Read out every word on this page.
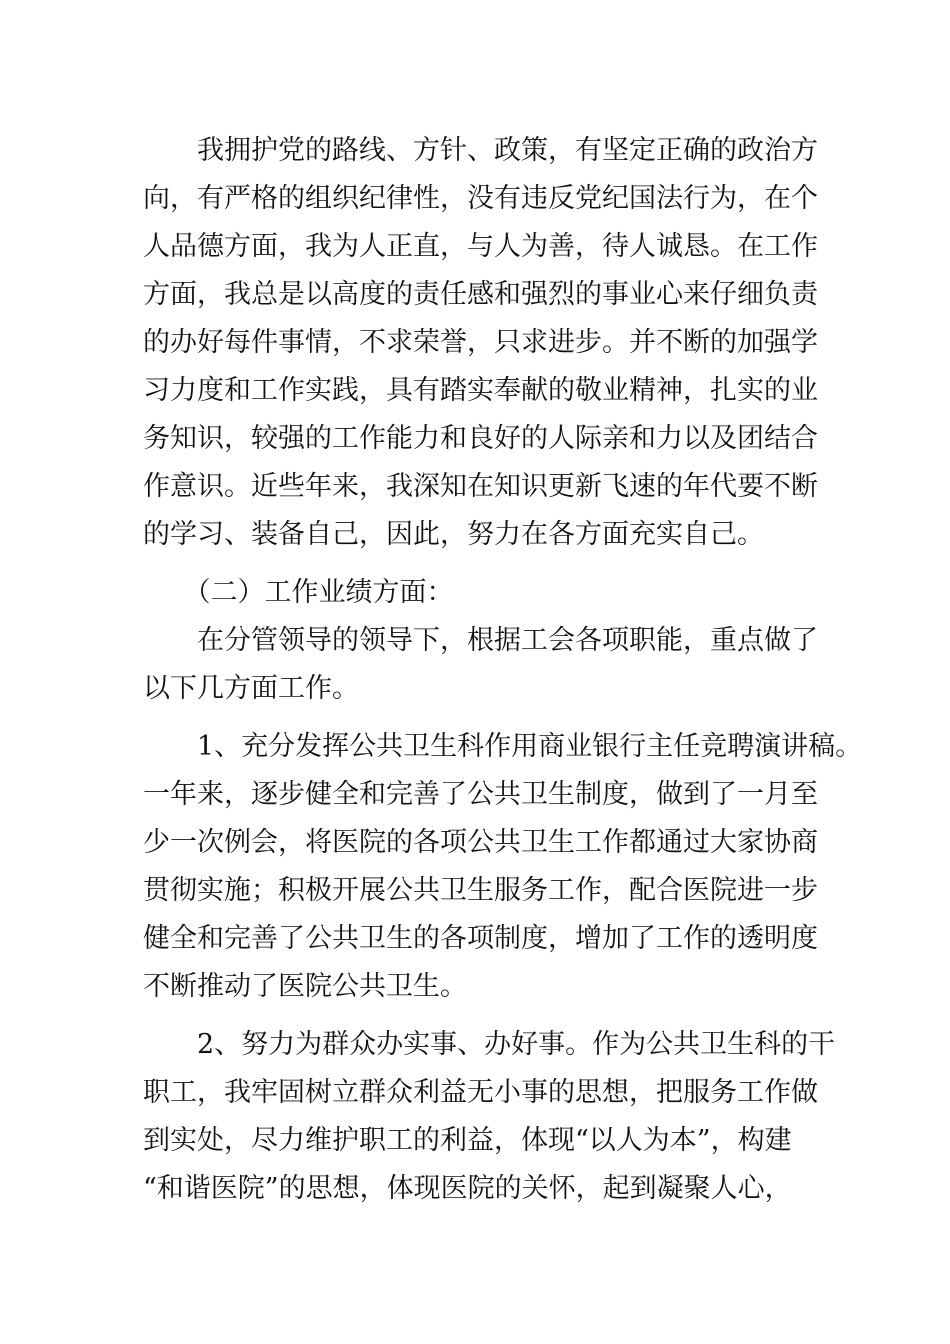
　　我拥护党的路线、方针、政策，有坚定正确的政治方
向，有严格的组织纪律性，没有违反党纪国法行为，在个
人品德方面，我为人正直，与人为善，待人诚恳。在工作
方面，我总是以高度的责任感和强烈的事业心来仔细负责
的办好每件事情，不求荣誉，只求进步。并不断的加强学
习力度和工作实践，具有踏实奉献的敬业精神，扎实的业
务知识，较强的工作能力和良好的人际亲和力以及团结合
作意识。近些年来，我深知在知识更新飞速的年代要不断
的学习、装备自己，因此，努力在各方面充实自己。
　　（二）工作业绩方面：
　　在分管领导的领导下，根据工会各项职能，重点做了
以下几方面工作。
　　1、充分发挥公共卫生科作用商业银行主任竞聘演讲稿。
一年来，逐步健全和完善了公共卫生制度，做到了一月至
少一次例会，将医院的各项公共卫生工作都通过大家协商
贯彻实施；积极开展公共卫生服务工作，配合医院进一步
健全和完善了公共卫生的各项制度，增加了工作的透明度
不断推动了医院公共卫生。
　　2、努力为群众办实事、办好事。作为公共卫生科的干
职工，我牢固树立群众利益无小事的思想，把服务工作做
到实处，尽力维护职工的利益，体现“以人为本”，构建
“和谐医院”的思想，体现医院的关怀，起到凝聚人心，
